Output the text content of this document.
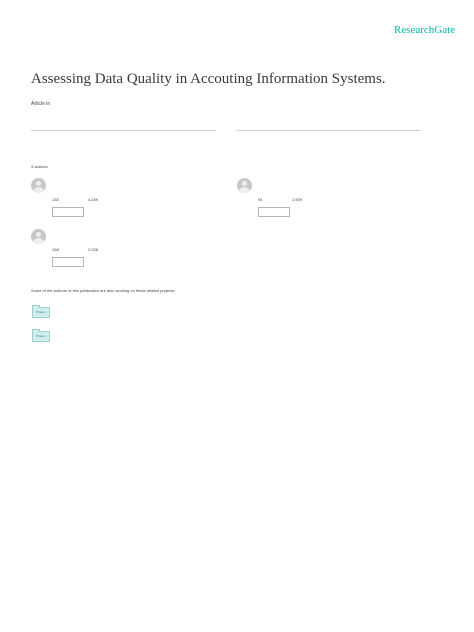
ResearchGate
Assessing Data Quality in Accouting Information Systems.
Article in
4 authors
135	4,189	94	2,509
158	2,038
Some of the authors of this publication are also working on these related projects:
Project
Project
